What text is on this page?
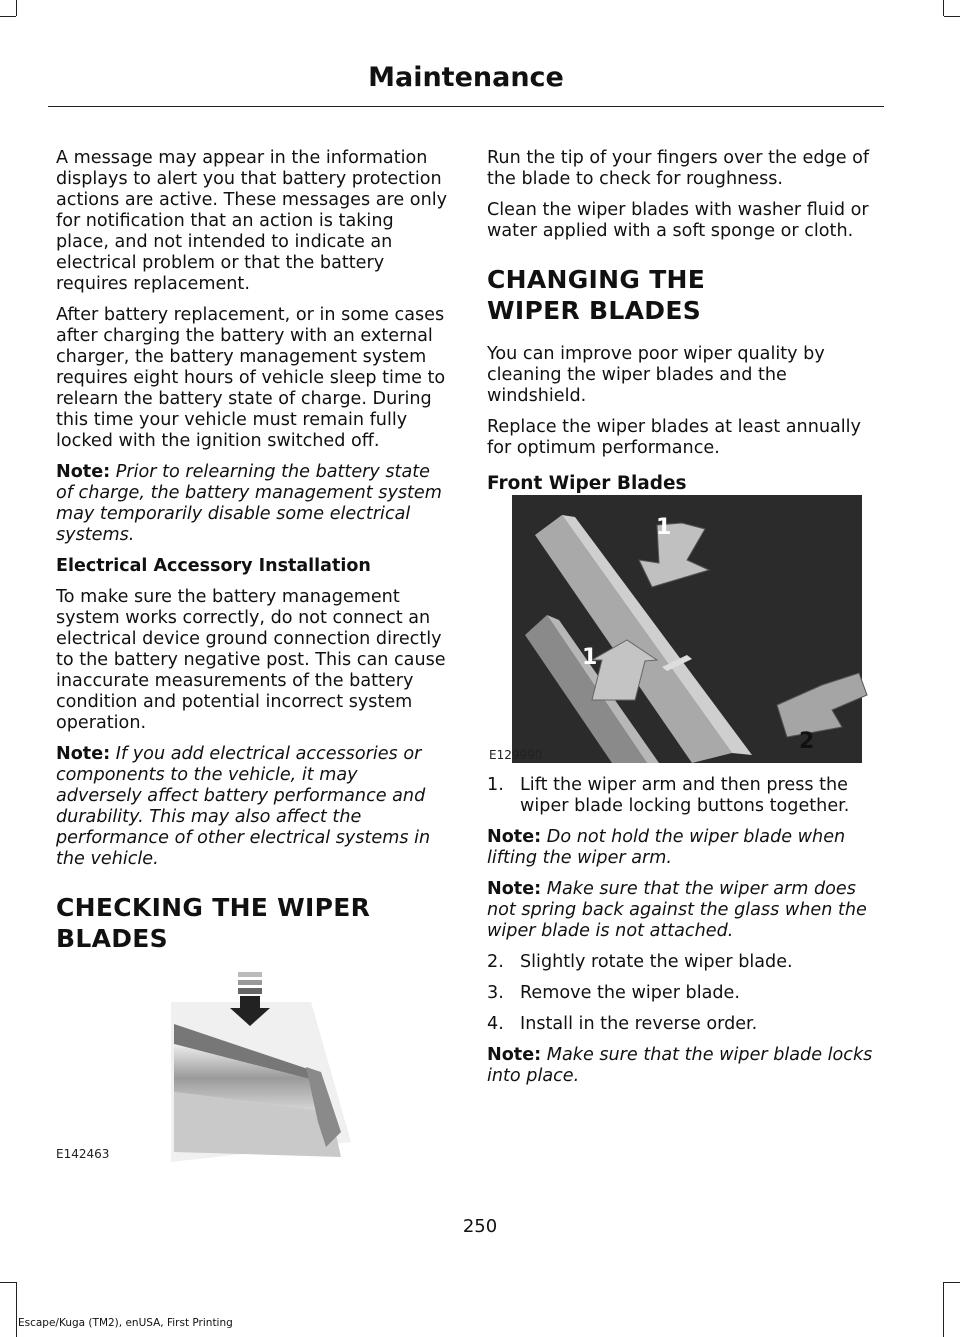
Maintenance

A message may appear in the information displays to alert you that battery protection actions are active. These messages are only for notification that an action is taking place, and not intended to indicate an electrical problem or that the battery requires replacement.

After battery replacement, or in some cases after charging the battery with an external charger, the battery management system requires eight hours of vehicle sleep time to relearn the battery state of charge. During this time your vehicle must remain fully locked with the ignition switched off.

Note: Prior to relearning the battery state of charge, the battery management system may temporarily disable some electrical systems.

Electrical Accessory Installation

To make sure the battery management system works correctly, do not connect an electrical device ground connection directly to the battery negative post. This can cause inaccurate measurements of the battery condition and potential incorrect system operation.

Note: If you add electrical accessories or components to the vehicle, it may adversely affect battery performance and durability. This may also affect the performance of other electrical systems in the vehicle.

CHECKING THE WIPER BLADES
E142463

Run the tip of your fingers over the edge of the blade to check for roughness.

Clean the wiper blades with washer fluid or water applied with a soft sponge or cloth.

CHANGING THE WIPER BLADES

You can improve poor wiper quality by cleaning the wiper blades and the windshield.

Replace the wiper blades at least annually for optimum performance.

Front Wiper Blades
1
1
2
E129990
1. Lift the wiper arm and then press the wiper blade locking buttons together.

Note: Do not hold the wiper blade when lifting the wiper arm.

Note: Make sure that the wiper arm does not spring back against the glass when the wiper blade is not attached.

2. Slightly rotate the wiper blade.
3. Remove the wiper blade.
4. Install in the reverse order.

Note: Make sure that the wiper blade locks into place.

250
Escape/Kuga (TM2), enUSA, First Printing
